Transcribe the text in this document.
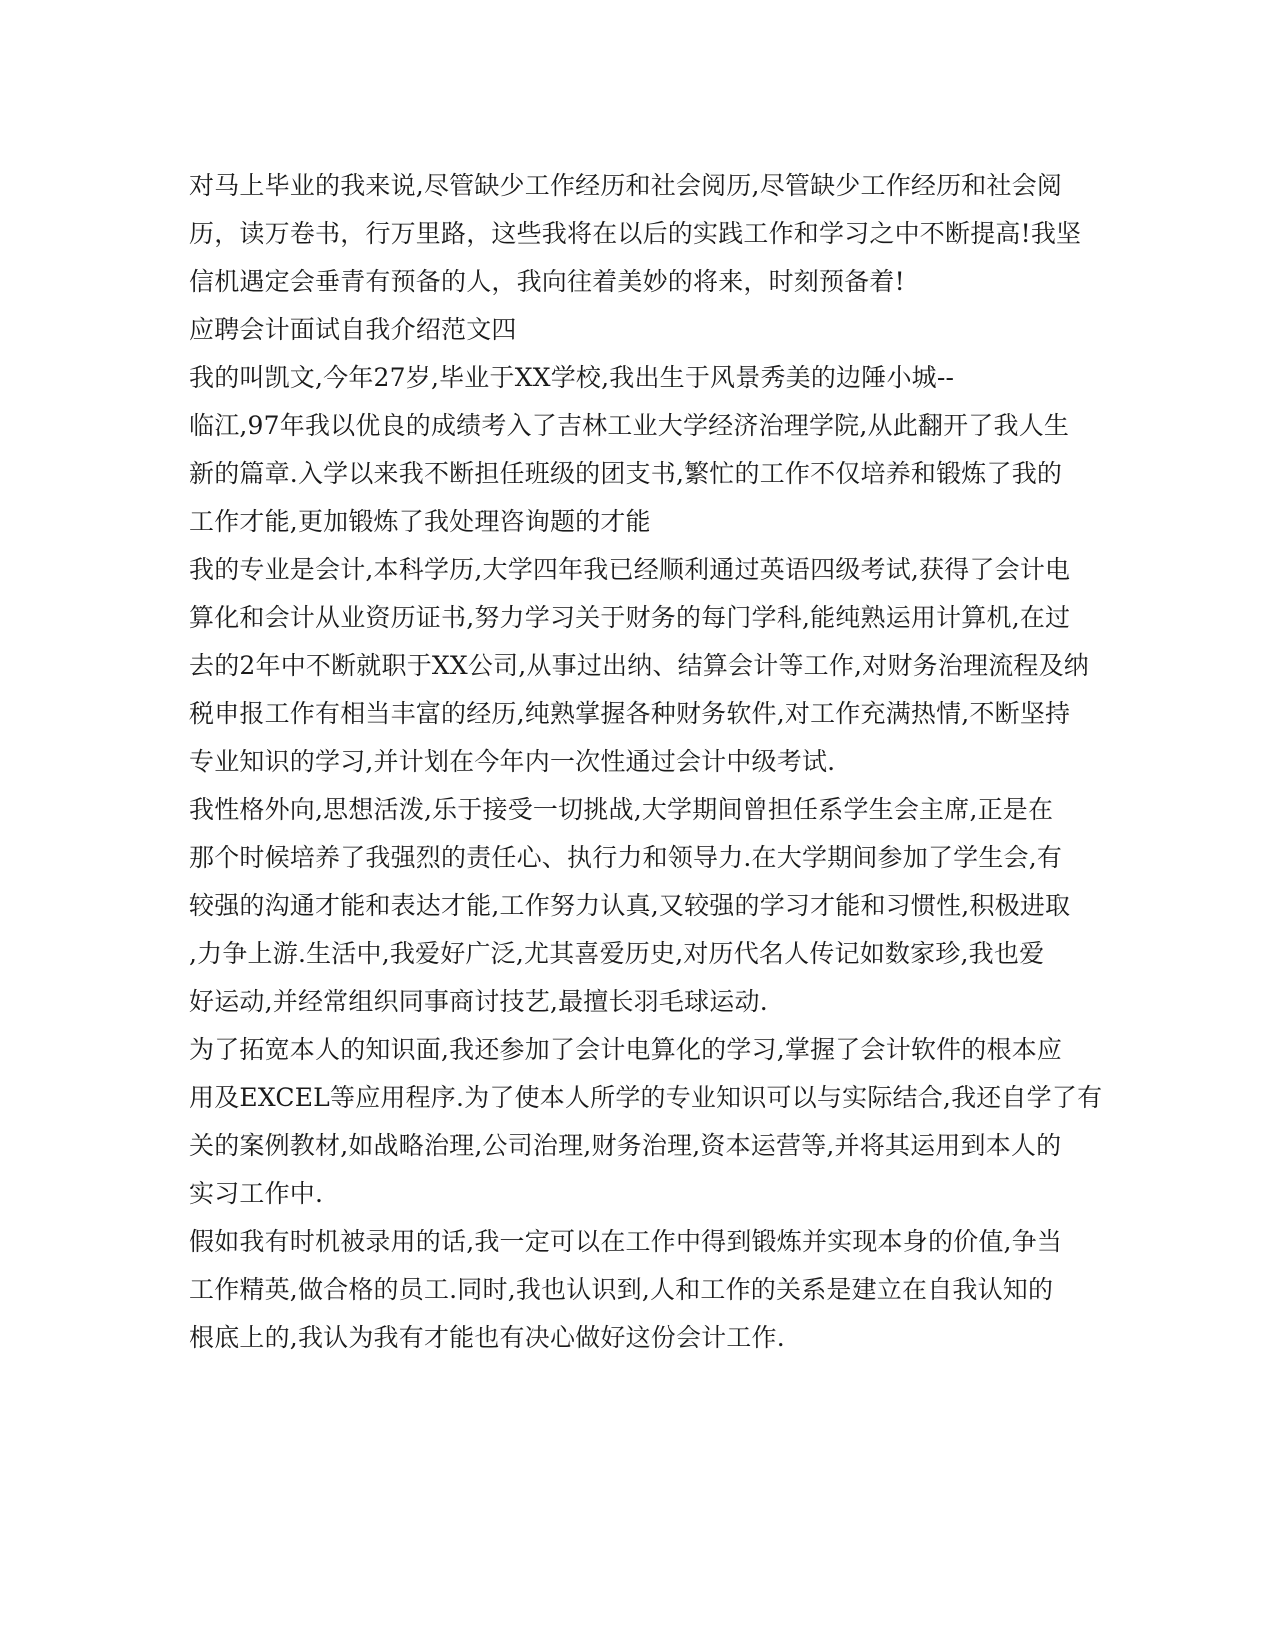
对马上毕业的我来说,尽管缺少工作经历和社会阅历,尽管缺少工作经历和社会阅
历，读万卷书，行万里路，这些我将在以后的实践工作和学习之中不断提高!我坚
信机遇定会垂青有预备的人，我向往着美妙的将来，时刻预备着!
应聘会计面试自我介绍范文四
我的叫凯文,今年27岁,毕业于XX学校,我出生于风景秀美的边陲小城--
临江,97年我以优良的成绩考入了吉林工业大学经济治理学院,从此翻开了我人生
新的篇章.入学以来我不断担任班级的团支书,繁忙的工作不仅培养和锻炼了我的
工作才能,更加锻炼了我处理咨询题的才能
我的专业是会计,本科学历,大学四年我已经顺利通过英语四级考试,获得了会计电
算化和会计从业资历证书,努力学习关于财务的每门学科,能纯熟运用计算机,在过
去的2年中不断就职于XX公司,从事过出纳、结算会计等工作,对财务治理流程及纳
税申报工作有相当丰富的经历,纯熟掌握各种财务软件,对工作充满热情,不断坚持
专业知识的学习,并计划在今年内一次性通过会计中级考试.
我性格外向,思想活泼,乐于接受一切挑战,大学期间曾担任系学生会主席,正是在
那个时候培养了我强烈的责任心、执行力和领导力.在大学期间参加了学生会,有
较强的沟通才能和表达才能,工作努力认真,又较强的学习才能和习惯性,积极进取
,力争上游.生活中,我爱好广泛,尤其喜爱历史,对历代名人传记如数家珍,我也爱
好运动,并经常组织同事商讨技艺,最擅长羽毛球运动.
为了拓宽本人的知识面,我还参加了会计电算化的学习,掌握了会计软件的根本应
用及EXCEL等应用程序.为了使本人所学的专业知识可以与实际结合,我还自学了有
关的案例教材,如战略治理,公司治理,财务治理,资本运营等,并将其运用到本人的
实习工作中.
假如我有时机被录用的话,我一定可以在工作中得到锻炼并实现本身的价值,争当
工作精英,做合格的员工.同时,我也认识到,人和工作的关系是建立在自我认知的
根底上的,我认为我有才能也有决心做好这份会计工作.
